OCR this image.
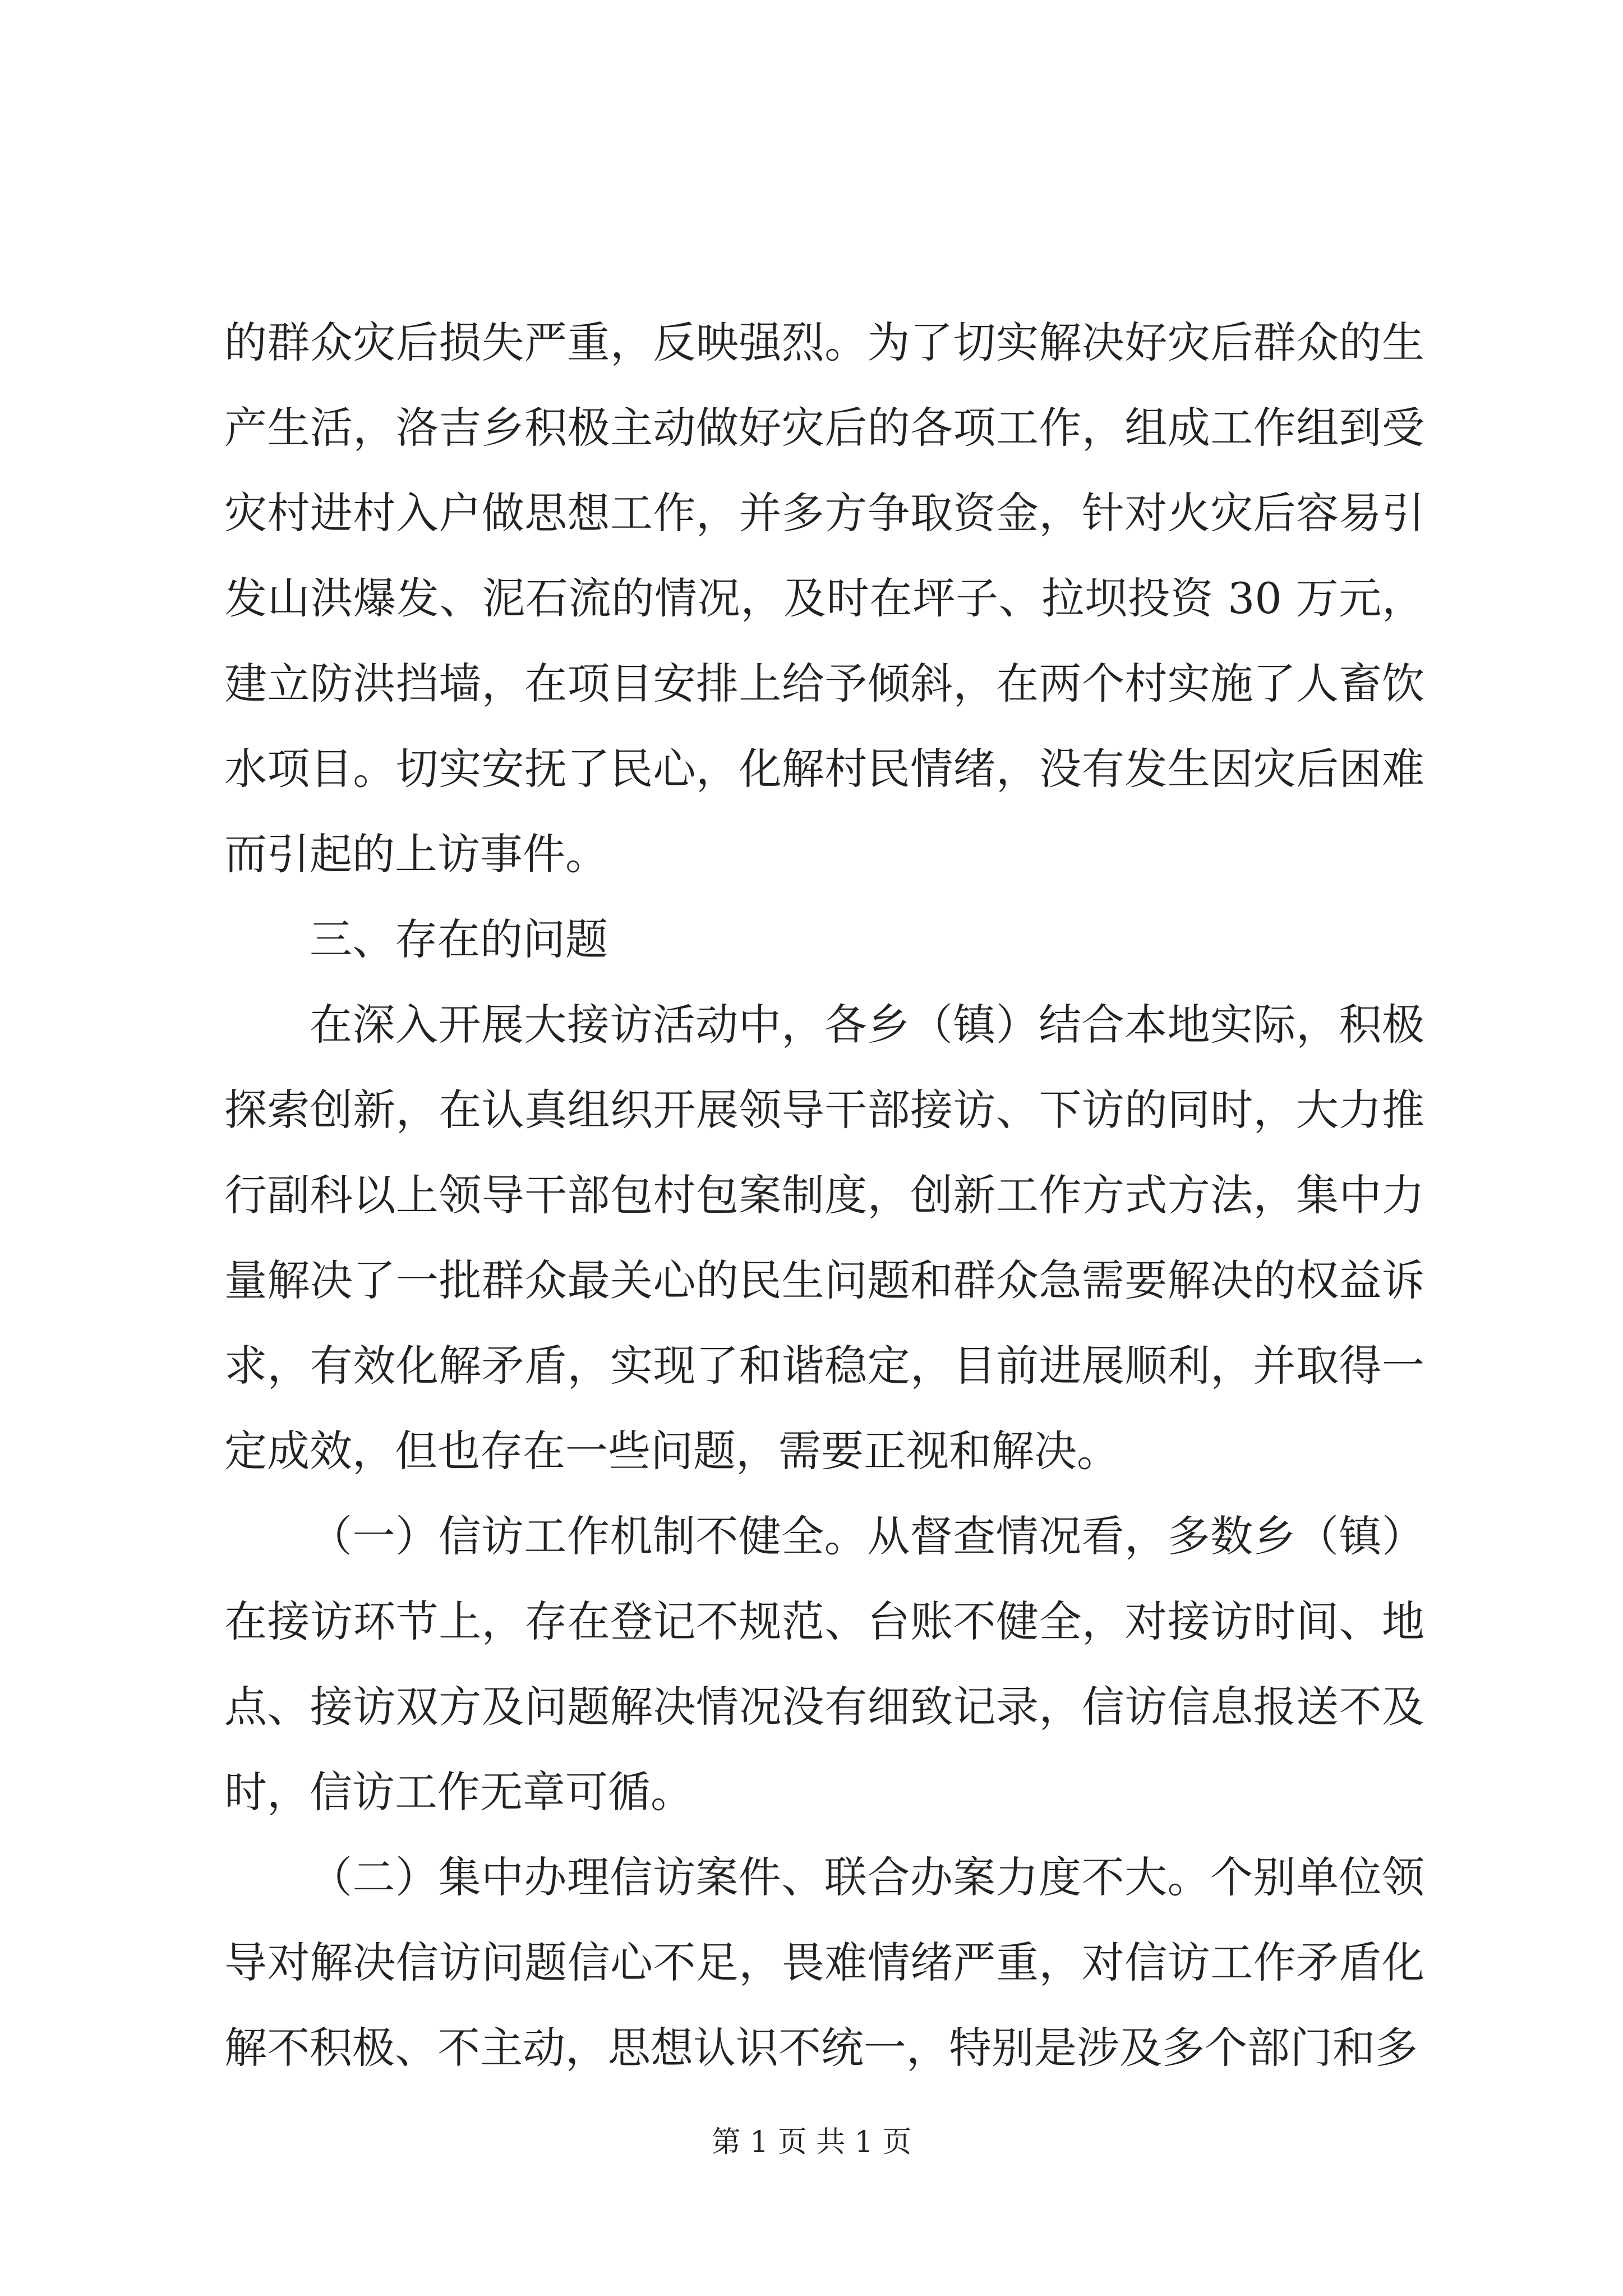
的群众灾后损失严重，反映强烈。为了切实解决好灾后群众的生产生活，洛吉乡积极主动做好灾后的各项工作，组成工作组到受灾村进村入户做思想工作，并多方争取资金，针对火灾后容易引发山洪爆发、泥石流的情况，及时在坪子、拉坝投资 30 万元，建立防洪挡墙，在项目安排上给予倾斜，在两个村实施了人畜饮水项目。切实安抚了民心，化解村民情绪，没有发生因灾后困难而引起的上访事件。

三、存在的问题

在深入开展大接访活动中，各乡（镇）结合本地实际，积极探索创新，在认真组织开展领导干部接访、下访的同时，大力推行副科以上领导干部包村包案制度，创新工作方式方法，集中力量解决了一批群众最关心的民生问题和群众急需要解决的权益诉求，有效化解矛盾，实现了和谐稳定，目前进展顺利，并取得一定成效，但也存在一些问题，需要正视和解决。

（一）信访工作机制不健全。从督查情况看，多数乡（镇）在接访环节上，存在登记不规范、台账不健全，对接访时间、地点、接访双方及问题解决情况没有细致记录，信访信息报送不及时，信访工作无章可循。

（二）集中办理信访案件、联合办案力度不大。个别单位领导对解决信访问题信心不足，畏难情绪严重，对信访工作矛盾化解不积极、不主动，思想认识不统一，特别是涉及多个部门和多

第 1 页 共 1 页
